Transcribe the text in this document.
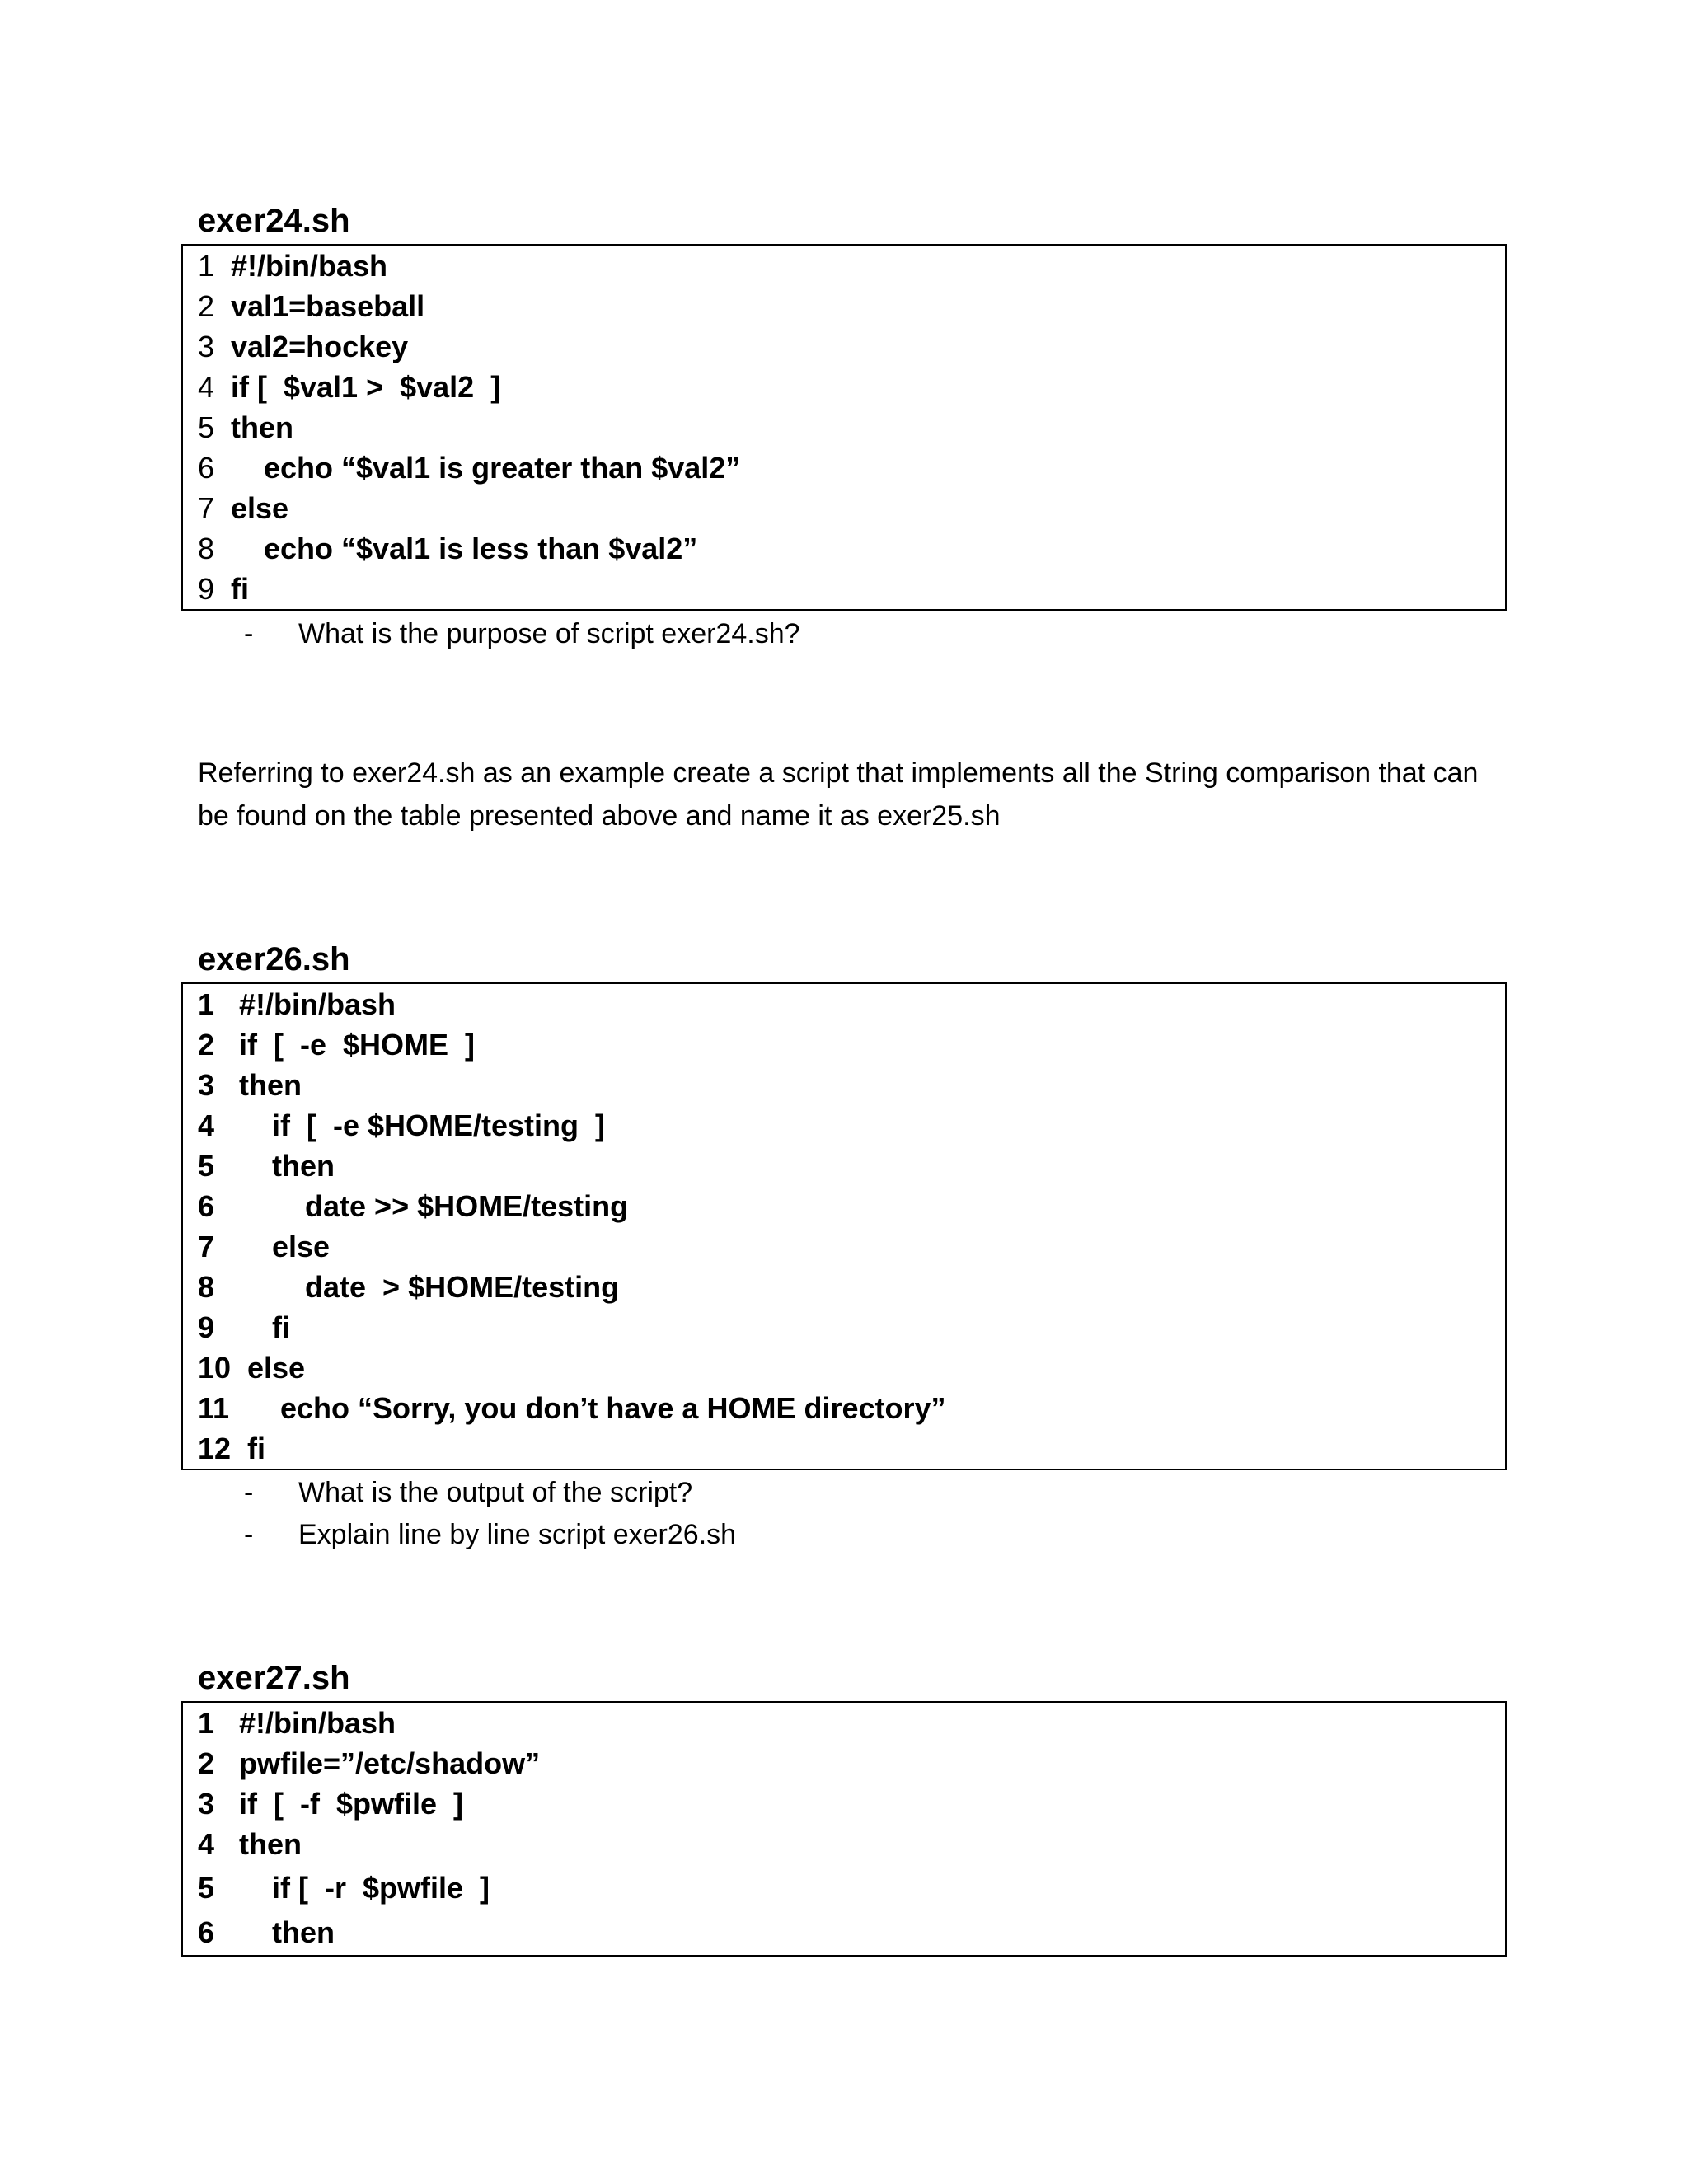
exer24.sh
1 #!/bin/bash
2 val1=baseball
3 val2=hockey
4 if [  $val1 >  $val2  ]
5 then
6 echo “$val1 is greater than $val2”
7 else
8 echo “$val1 is less than $val2”
9 fi
- What is the purpose of script exer24.sh?

Referring to exer24.sh as an example create a script that implements all the String comparison that can be found on the table presented above and name it as exer25.sh

exer26.sh
1 #!/bin/bash
2 if  [  -e  $HOME  ]
3 then
4 if  [  -e $HOME/testing  ]
5 then
6 date >> $HOME/testing
7 else
8 date  > $HOME/testing
9 fi
10 else
11 echo “Sorry, you don’t have a HOME directory”
12 fi
- What is the output of the script?
- Explain line by line script exer26.sh
exer27.sh
1 #!/bin/bash
2 pwfile=”/etc/shadow”
3 if  [  -f  $pwfile  ]
4 then
5 if [  -r  $pwfile  ]
6 then
